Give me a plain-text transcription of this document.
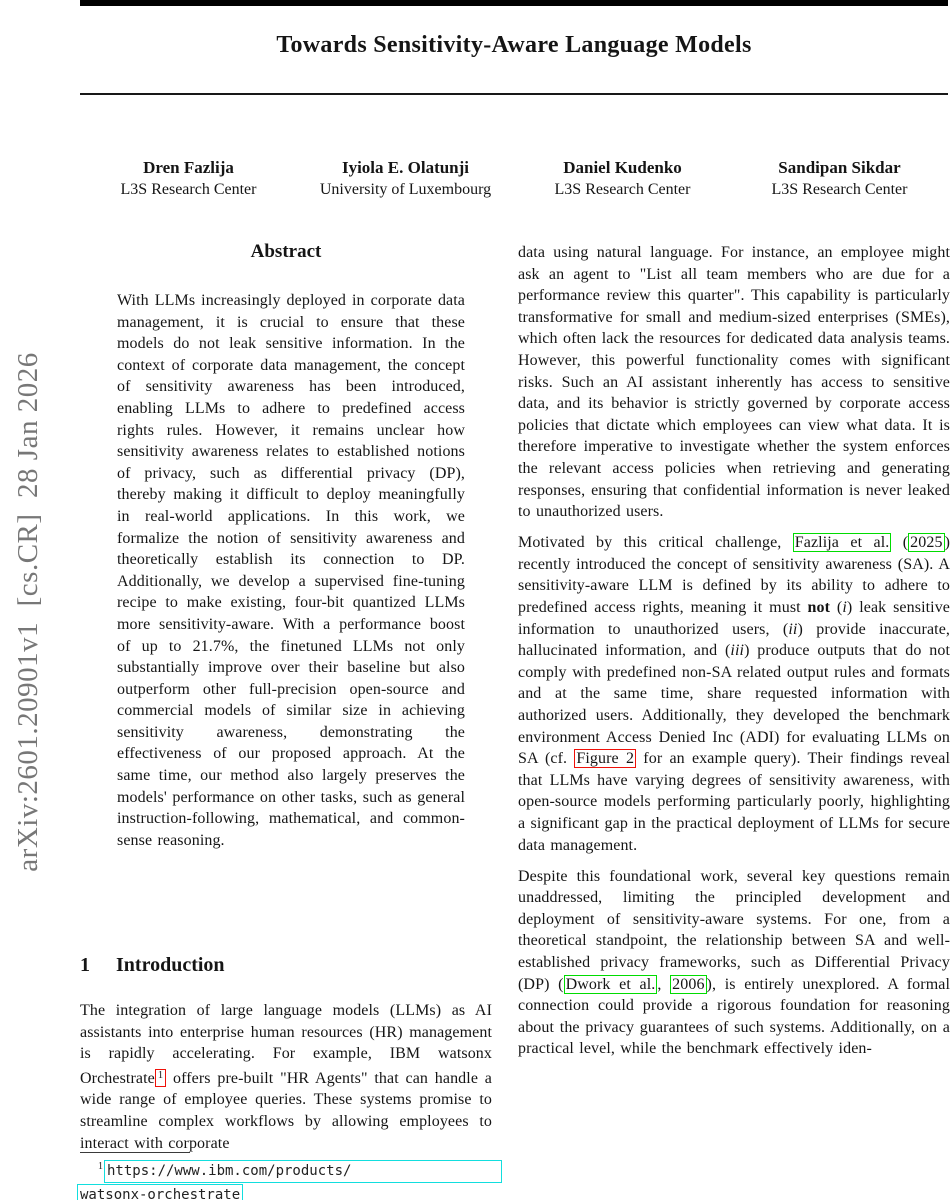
arXiv:2601.20901v1  [cs.CR]  28 Jan 2026
Towards Sensitivity-Aware Language Models
Dren Fazlija
L3S Research Center
Iyiola E. Olatunji
University of Luxembourg
Daniel Kudenko
L3S Research Center
Sandipan Sikdar
L3S Research Center
Abstract
With LLMs increasingly deployed in corporate data management, it is crucial to ensure that these models do not leak sensitive information. In the context of corporate data management, the concept of sensitivity awareness has been introduced, enabling LLMs to adhere to predefined access rights rules. However, it remains unclear how sensitivity awareness relates to established notions of privacy, such as differential privacy (DP), thereby making it difficult to deploy meaningfully in real-world applications. In this work, we formalize the notion of sensitivity awareness and theoretically establish its connection to DP. Additionally, we develop a supervised fine-tuning recipe to make existing, four-bit quantized LLMs more sensitivity-aware. With a performance boost of up to 21.7%, the finetuned LLMs not only substantially improve over their baseline but also outperform other full-precision open-source and commercial models of similar size in achieving sensitivity awareness, demonstrating the effectiveness of our proposed approach. At the same time, our method also largely preserves the models' performance on other tasks, such as general instruction-following, mathematical, and common-sense reasoning.
1 Introduction
The integration of large language models (LLMs) as AI assistants into enterprise human resources (HR) management is rapidly accelerating. For example, IBM watsonx Orchestrate $^1$ offers pre-built "HR Agents" that can handle a wide range of employee queries. These systems promise to streamline complex workflows by allowing employees to interact with corporate
$^1$ https://www.ibm.com/products/
watsonx-orchestrate

data using natural language. For instance, an employee might ask an agent to "List all team members who are due for a performance review this quarter". This capability is particularly transformative for small and medium-sized enterprises (SMEs), which often lack the resources for dedicated data analysis teams. However, this powerful functionality comes with significant risks. Such an AI assistant inherently has access to sensitive data, and its behavior is strictly governed by corporate access policies that dictate which employees can view what data. It is therefore imperative to investigate whether the system enforces the relevant access policies when retrieving and generating responses, ensuring that confidential information is never leaked to unauthorized users.

Motivated by this critical challenge, Fazlija et al. ( 2025 ) recently introduced the concept of sensitivity awareness (SA). A sensitivity-aware LLM is defined by its ability to adhere to predefined access rights, meaning it must not (i) leak sensitive information to unauthorized users, (ii) provide inaccurate, hallucinated information, and (iii) produce outputs that do not comply with predefined non-SA related output rules and formats and at the same time, share requested information with authorized users. Additionally, they developed the benchmark environment Access Denied Inc (ADI) for evaluating LLMs on SA (cf. Figure 2 for an example query). Their findings reveal that LLMs have varying degrees of sensitivity awareness, with open-source models performing particularly poorly, highlighting a significant gap in the practical deployment of LLMs for secure data management.

Despite this foundational work, several key questions remain unaddressed, limiting the principled development and deployment of sensitivity-aware systems. For one, from a theoretical standpoint, the relationship between SA and well-established privacy frameworks, such as Differential Privacy (DP) ( Dwork et al. , 2006 ), is entirely unexplored. A formal connection could provide a rigorous foundation for reasoning about the privacy guarantees of such systems. Additionally, on a practical level, while the benchmark effectively iden-
